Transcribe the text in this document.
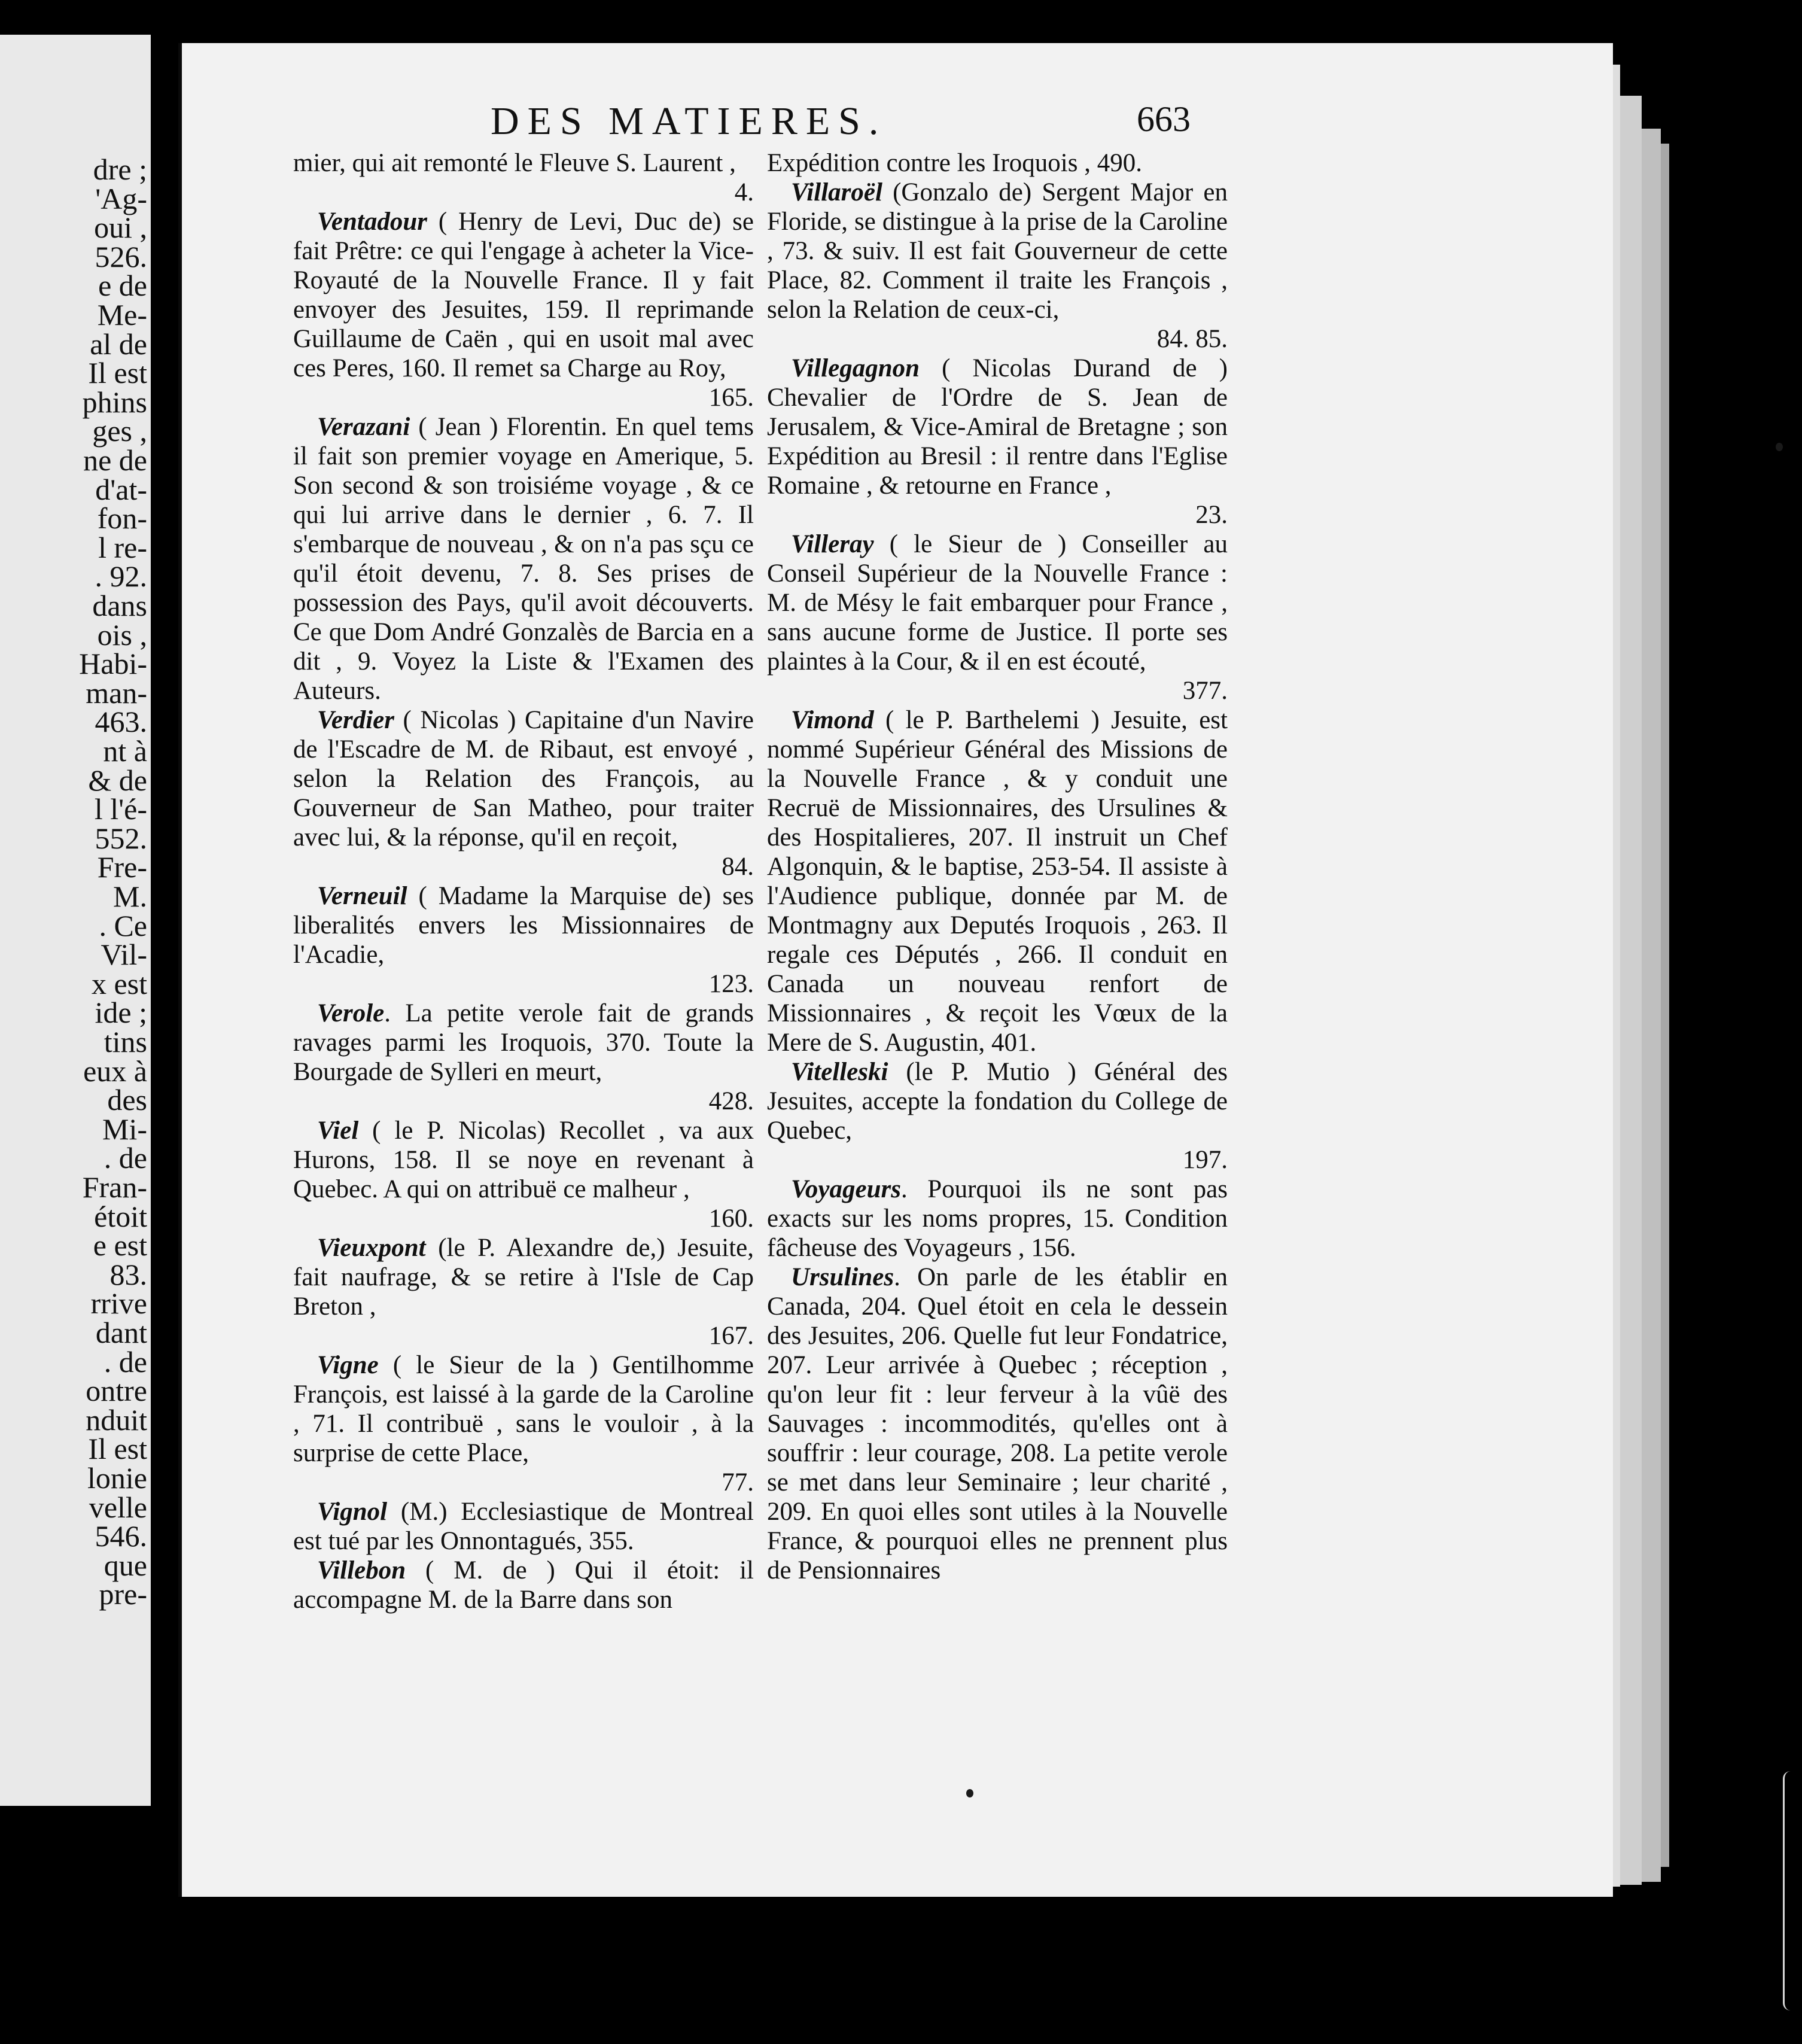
dre ;
'Ag-
oui ,
526.
e de
Me-
al de
Il est
phins
ges ,
ne de
d'at-
fon-
l re-
. 92.
dans
ois ,
Habi-
man-
463.
nt à
& de
l l'é-
552.
Fre-
M.
. Ce
Vil-
x est
ide ;
tins
eux à
des
Mi-
. de
Fran-
étoit
e est
83.
rrive
dant
. de
ontre
nduit
Il est
lonie
velle
546.
que
pre-
DES MATIERES.	663
mier, qui ait remonté le Fleuve S. Laurent ,
4.
Ventadour ( Henry de Levi, Duc de) se fait Prêtre: ce qui l'engage à acheter la Vice-Royauté de la Nouvelle France. Il y fait envoyer des Jesuites, 159. Il reprimande Guillaume de Caën , qui en usoit mal avec ces Peres, 160. Il remet sa Charge au Roy,
165.
Verazani ( Jean ) Florentin. En quel tems il fait son premier voyage en Amerique, 5. Son second & son troisiéme voyage , & ce qui lui arrive dans le dernier , 6. 7. Il s'embarque de nouveau , & on n'a pas sçu ce qu'il étoit devenu, 7. 8. Ses prises de possession des Pays, qu'il avoit découverts. Ce que Dom André Gonzalès de Barcia en a dit , 9. Voyez la Liste & l'Examen des Auteurs.
Verdier ( Nicolas ) Capitaine d'un Navire de l'Escadre de M. de Ribaut, est envoyé , selon la Relation des François, au Gouverneur de San Matheo, pour traiter avec lui, & la réponse, qu'il en reçoit,
84.
Verneuil ( Madame la Marquise de) ses liberalités envers les Missionnaires de l'Acadie,
123.
Verole. La petite verole fait de grands ravages parmi les Iroquois, 370. Toute la Bourgade de Sylleri en meurt,
428.
Viel ( le P. Nicolas) Recollet , va aux Hurons, 158. Il se noye en revenant à Quebec. A qui on attribuë ce malheur ,
160.
Vieuxpont (le P. Alexandre de,) Jesuite, fait naufrage, & se retire à l'Isle de Cap Breton ,
167.
Vigne ( le Sieur de la ) Gentilhomme François, est laissé à la garde de la Caroline , 71. Il contribuë , sans le vouloir , à la surprise de cette Place,
77.
Vignol (M.) Ecclesiastique de Montreal est tué par les Onnontagués, 355.
Villebon ( M. de ) Qui il étoit: il accompagne M. de la Barre dans son
Expédition contre les Iroquois , 490.
Villaroël (Gonzalo de) Sergent Major en Floride, se distingue à la prise de la Caroline , 73. & suiv. Il est fait Gouverneur de cette Place, 82. Comment il traite les François , selon la Relation de ceux-ci,
84. 85.
Villegagnon ( Nicolas Durand de ) Chevalier de l'Ordre de S. Jean de Jerusalem, & Vice-Amiral de Bretagne ; son Expédition au Bresil : il rentre dans l'Eglise Romaine , & retourne en France ,
23.
Villeray ( le Sieur de ) Conseiller au Conseil Supérieur de la Nouvelle France : M. de Mésy le fait embarquer pour France , sans aucune forme de Justice. Il porte ses plaintes à la Cour, & il en est écouté,
377.
Vimond ( le P. Barthelemi ) Jesuite, est nommé Supérieur Général des Missions de la Nouvelle France , & y conduit une Recruë de Missionnaires, des Ursulines & des Hospitalieres, 207. Il instruit un Chef Algonquin, & le baptise, 253-54. Il assiste à l'Audience publique, donnée par M. de Montmagny aux Deputés Iroquois , 263. Il regale ces Députés , 266. Il conduit en Canada un nouveau renfort de Missionnaires , & reçoit les Vœux de la Mere de S. Augustin, 401.
Vitelleski (le P. Mutio ) Général des Jesuites, accepte la fondation du College de Quebec,
197.
Voyageurs. Pourquoi ils ne sont pas exacts sur les noms propres, 15. Condition fâcheuse des Voyageurs , 156.
Ursulines. On parle de les établir en Canada, 204. Quel étoit en cela le dessein des Jesuites, 206. Quelle fut leur Fondatrice, 207. Leur arrivée à Quebec ; réception , qu'on leur fit : leur ferveur à la vûë des Sauvages : incommodités, qu'elles ont à souffrir : leur courage, 208. La petite verole se met dans leur Seminaire ; leur charité , 209. En quoi elles sont utiles à la Nouvelle France, & pourquoi elles ne prennent plus de Pensionnaires
